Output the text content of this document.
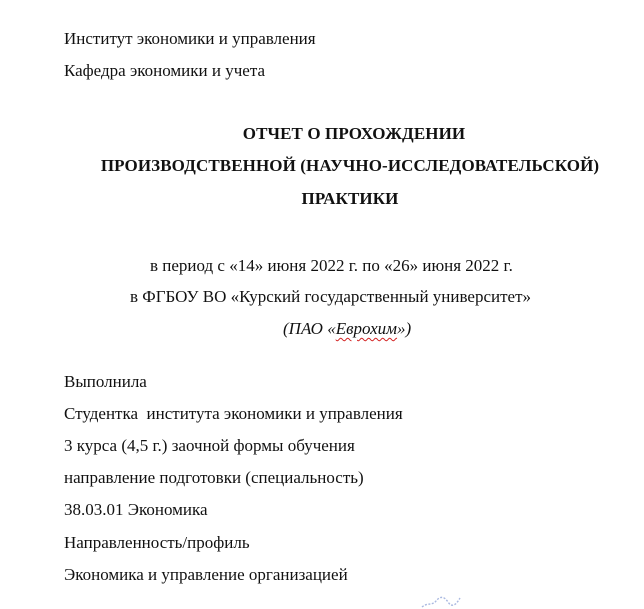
Институт экономики и управления
Кафедра экономики и учета
ОТЧЕТ О ПРОХОЖДЕНИИ
ПРОИЗВОДСТВЕННОЙ (НАУЧНО-ИССЛЕДОВАТЕЛЬСКОЙ)
ПРАКТИКИ
в период с «14» июня 2022 г. по «26» июня 2022 г.
в ФГБОУ ВО «Курский государственный университет»
(ПАО «Еврохим»)
Выполнила
Студентка  института экономики и управления
3 курса (4,5 г.) заочной формы обучения
направление подготовки (специальность)
38.03.01 Экономика
Направленность/профиль
Экономика и управление организацией
